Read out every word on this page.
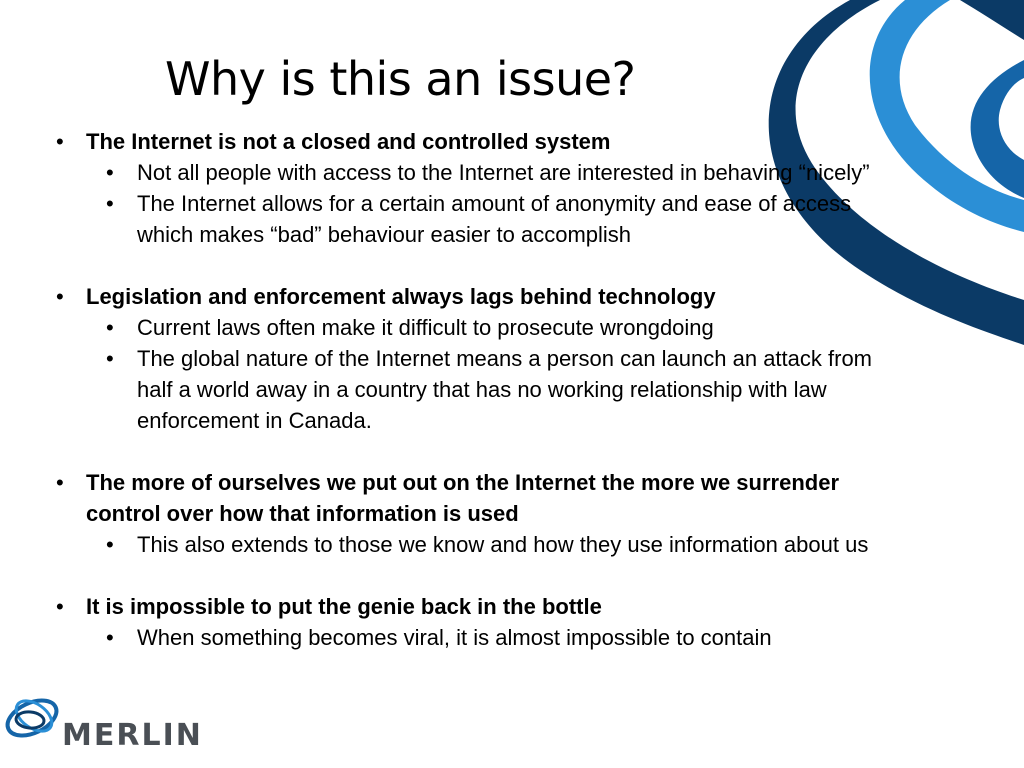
Why is this an issue?
• The Internet is not a closed and controlled system
• Not all people with access to the Internet are interested in behaving “nicely”
• The Internet allows for a certain amount of anonymity and ease of access which makes “bad” behaviour easier to accomplish
• Legislation and enforcement always lags behind technology
• Current laws often make it difficult to prosecute wrongdoing
• The global nature of the Internet means a person can launch an attack from half a world away in a country that has no working relationship with law enforcement in Canada.
• The more of ourselves we put out on the Internet the more we surrender control over how that information is used
• This also extends to those we know and how they use information about us
• It is impossible to put the genie back in the bottle
• When something becomes viral, it is almost impossible to contain
MERLIN
